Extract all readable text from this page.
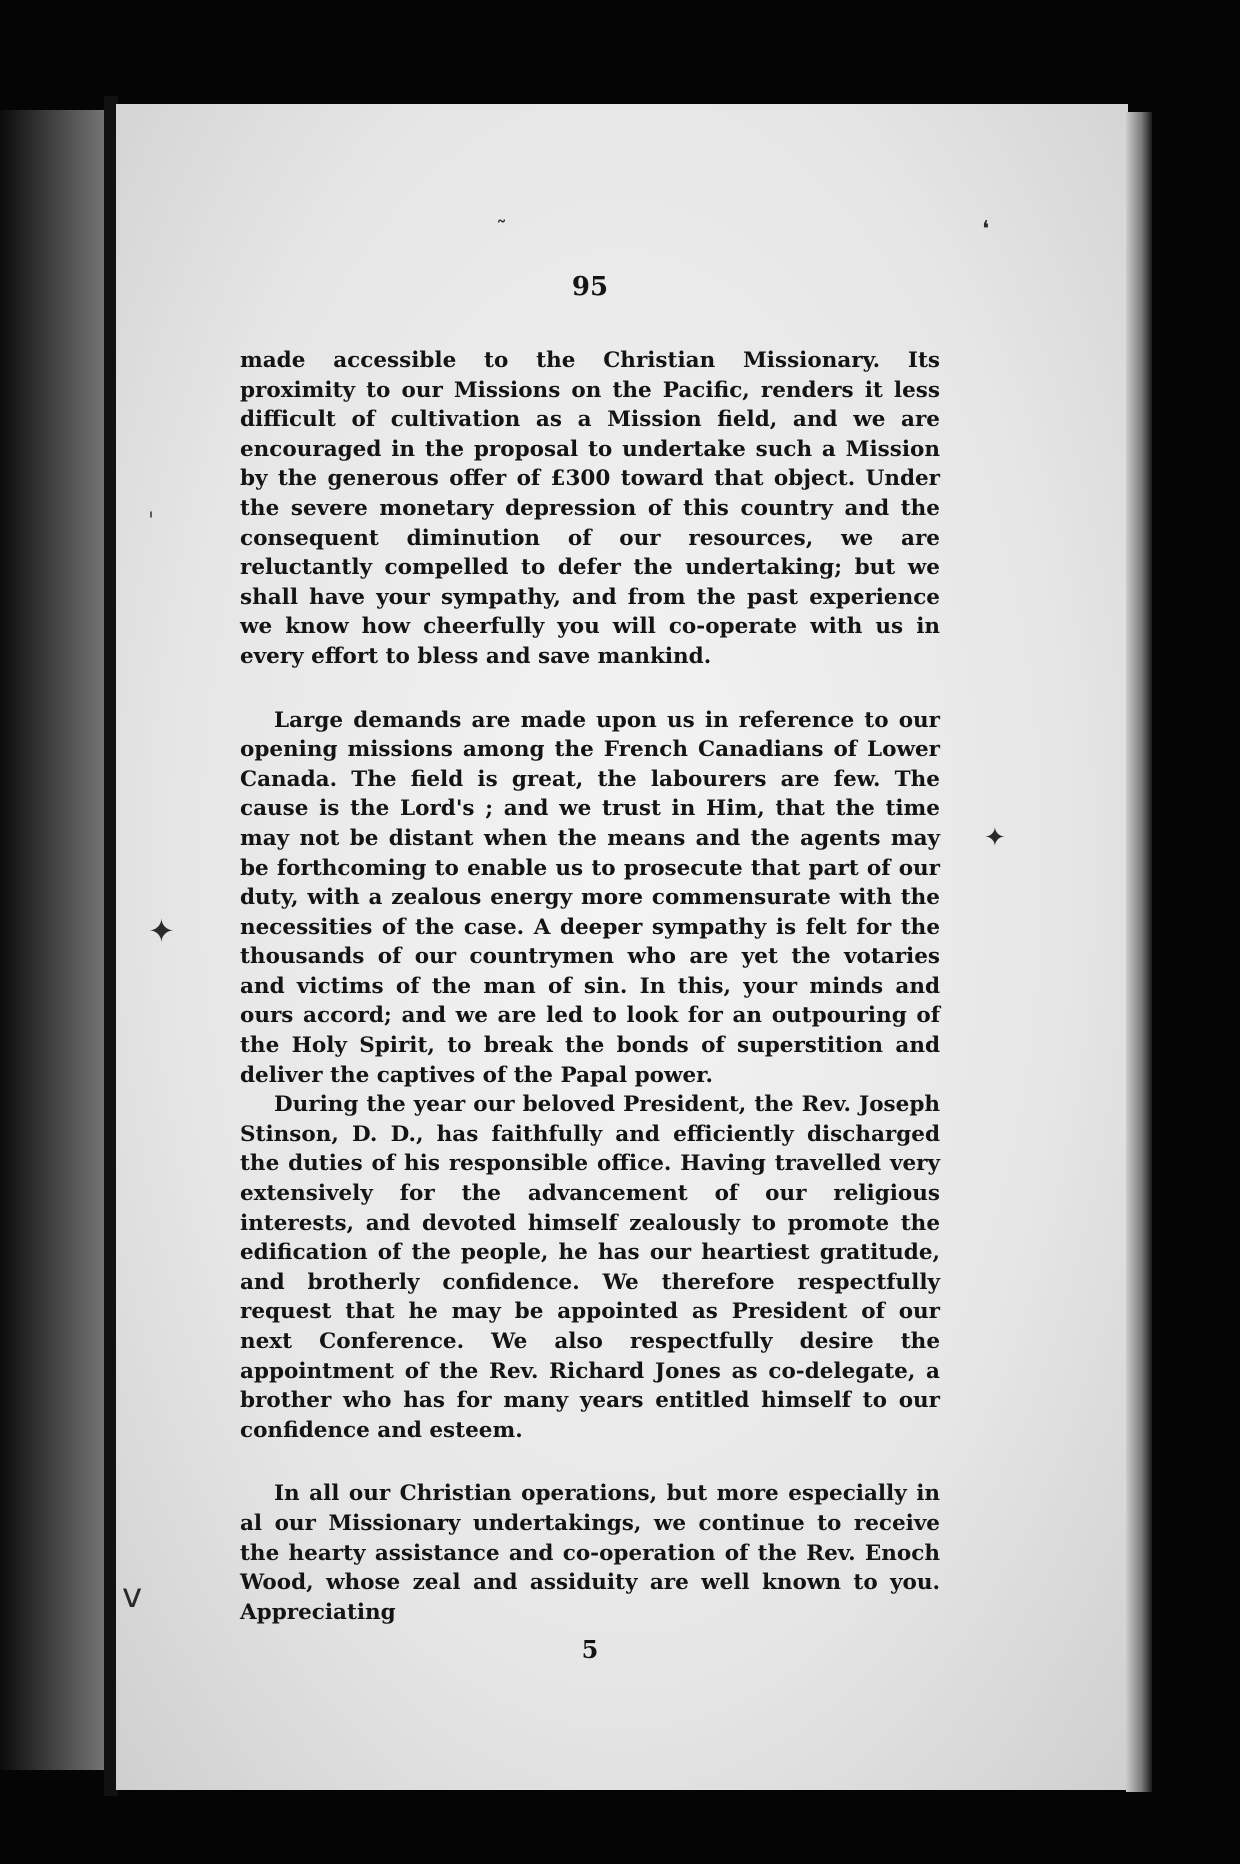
95

made accessible to the Christian Missionary. Its proximity to our Missions on the Pacific, renders it less difficult of cultivation as a Mission field, and we are encouraged in the proposal to undertake such a Mission by the generous offer of £300 toward that object. Under the severe monetary depression of this country and the consequent diminution of our resources, we are reluctantly compelled to defer the undertaking; but we shall have your sympathy, and from the past experience we know how cheerfully you will co-operate with us in every effort to bless and save mankind.

Large demands are made upon us in reference to our opening missions among the French Canadians of Lower Canada. The field is great, the labourers are few. The cause is the Lord's ; and we trust in Him, that the time may not be distant when the means and the agents may be forthcoming to enable us to prosecute that part of our duty, with a zealous energy more commensurate with the necessities of the case. A deeper sympathy is felt for the thousands of our countrymen who are yet the votaries and victims of the man of sin. In this, your minds and ours accord; and we are led to look for an outpouring of the Holy Spirit, to break the bonds of superstition and deliver the captives of the Papal power.

During the year our beloved President, the Rev. Joseph Stinson, D. D., has faithfully and efficiently discharged the duties of his responsible office. Having travelled very extensively for the advancement of our religious interests, and devoted himself zealously to promote the edification of the people, he has our heartiest gratitude, and brotherly confidence. We therefore respectfully request that he may be appointed as President of our next Conference. We also respectfully desire the appointment of the Rev. Richard Jones as co-delegate, a brother who has for many years entitled himself to our confidence and esteem.

In all our Christian operations, but more especially in al our Missionary undertakings, we continue to receive the hearty assistance and co-operation of the Rev. Enoch Wood, whose zeal and assiduity are well known to you. Appreciating

5
ˌ
✦
✦
❛
˷
ⅴ
